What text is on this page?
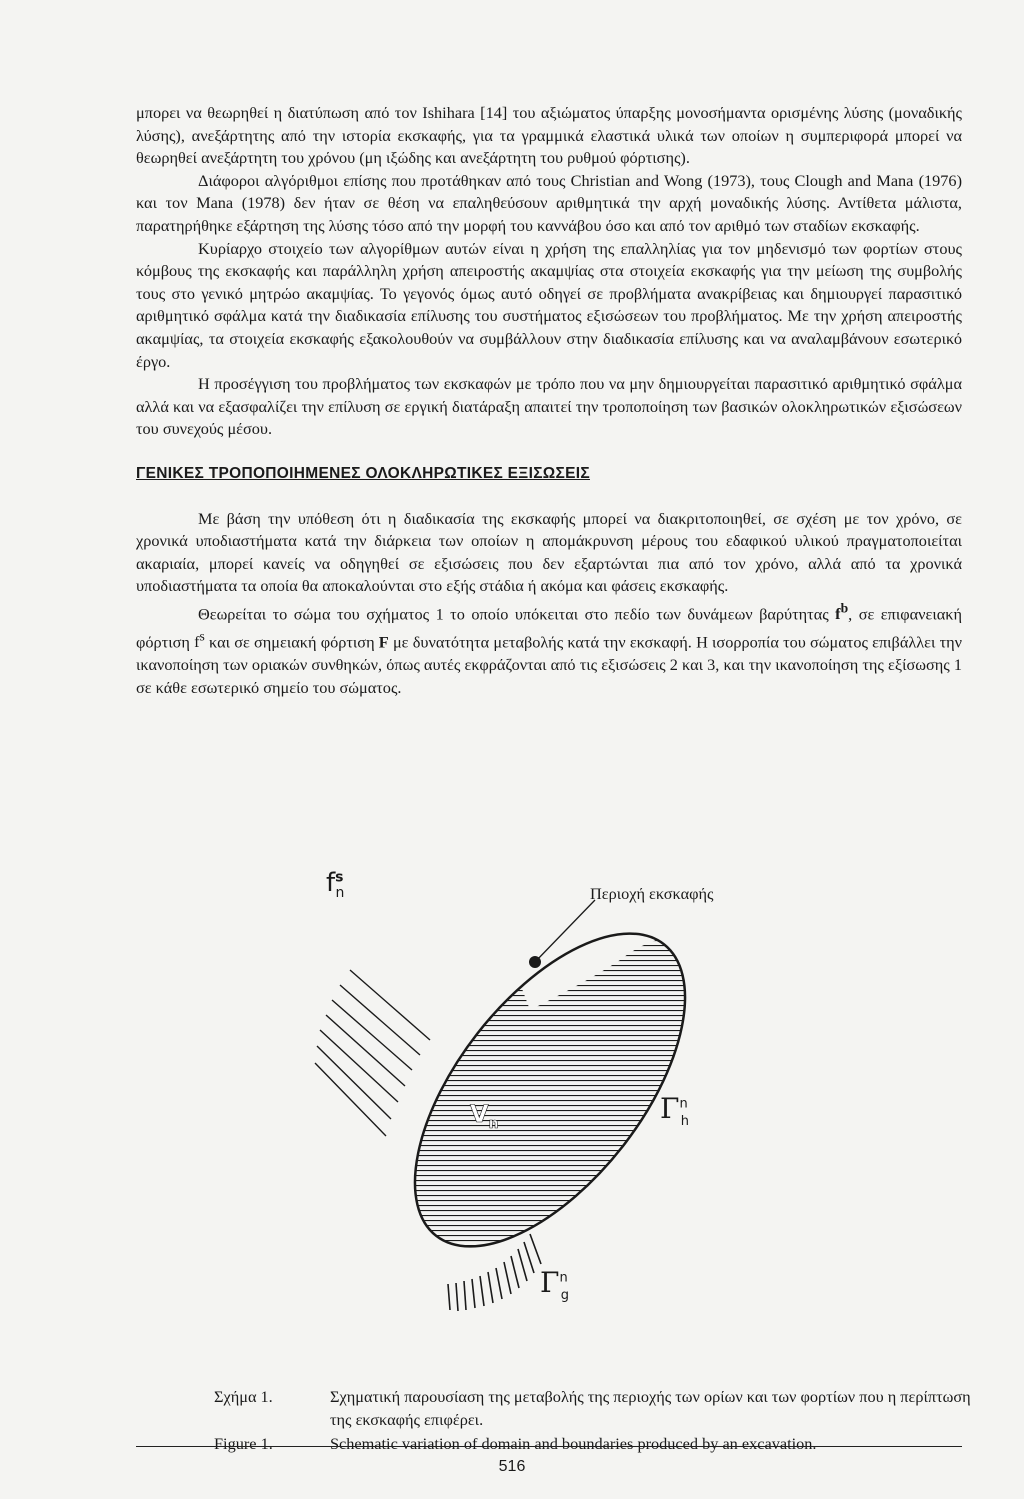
μπορει να θεωρηθεί η διατύπωση από τον Ishihara [14] του αξιώματος ύπαρξης μονοσήμαντα ορισμένης λύσης (μοναδικής λύσης), ανεξάρτητης από την ιστορία εκσκαφής, για τα γραμμικά ελαστικά υλικά των οποίων η συμπεριφορά μπορεί να θεωρηθεί ανεξάρτητη του χρόνου (μη ιξώδης και ανεξάρτητη του ρυθμού φόρτισης).

Διάφοροι αλγόριθμοι επίσης που προτάθηκαν από τους Christian and Wong (1973), τους Clough and Mana (1976) και τον Mana (1978) δεν ήταν σε θέση να επαληθεύσουν αριθμητικά την αρχή μοναδικής λύσης. Αντίθετα μάλιστα, παρατηρήθηκε εξάρτηση της λύσης τόσο από την μορφή του καννάβου όσο και από τον αριθμό των σταδίων εκσκαφής.

Κυρίαρχο στοιχείο των αλγορίθμων αυτών είναι η χρήση της επαλληλίας για τον μηδενισμό των φορτίων στους κόμβους της εκσκαφής και παράλληλη χρήση απειροστής ακαμψίας στα στοιχεία εκσκαφής για την μείωση της συμβολής τους στο γενικό μητρώο ακαμψίας. Το γεγονός όμως αυτό οδηγεί σε προβλήματα ανακρίβειας και δημιουργεί παρασιτικό αριθμητικό σφάλμα κατά την διαδικασία επίλυσης του συστήματος εξισώσεων του προβλήματος. Με την χρήση απειροστής ακαμψίας, τα στοιχεία εκσκαφής εξακολουθούν να συμβάλλουν στην διαδικασία επίλυσης και να αναλαμβάνουν εσωτερικό έργο.

Η προσέγγιση του προβλήματος των εκσκαφών με τρόπο που να μην δημιουργείται παρασιτικό αριθμητικό σφάλμα αλλά και να εξασφαλίζει την επίλυση σε εργική διατάραξη απαιτεί την τροποποίηση των βασικών ολοκληρωτικών εξισώσεων του συνεχούς μέσου.

ΓΕΝΙΚΕΣ ΤΡΟΠΟΠΟΙΗΜΕΝΕΣ ΟΛΟΚΛΗΡΩΤΙΚΕΣ ΕΞΙΣΩΣΕΙΣ

Με βάση την υπόθεση ότι η διαδικασία της εκσκαφής μπορεί να διακριτοποιηθεί, σε σχέση με τον χρόνο, σε χρονικά υποδιαστήματα κατά την διάρκεια των οποίων η απομάκρυνση μέρους του εδαφικού υλικού πραγματοποιείται ακαριαία, μπορεί κανείς να οδηγηθεί σε εξισώσεις που δεν εξαρτώνται πια από τον χρόνο, αλλά από τα χρονικά υποδιαστήματα τα οποία θα αποκαλούνται στο εξής στάδια ή ακόμα και φάσεις εκσκαφής.

Θεωρείται το σώμα του σχήματος 1 το οποίο υπόκειται στο πεδίο των δυνάμεων βαρύτητας $f^b$, σε επιφανειακή φόρτιση $f^s$ και σε σημειακή φόρτιση F με δυνατότητα μεταβολής κατά την εκσκαφή. Η ισορροπία του σώματος επιβάλλει την ικανοποίηση των οριακών συνθηκών, όπως αυτές εκφράζονται από τις εξισώσεις 2 και 3, και την ικανοποίηση της εξίσωσης 1 σε κάθε εσωτερικό σημείο του σώματος.

Περιοχή εκσκαφής
$f^s_n$
$V_n$	$\Gamma^n_h$
$\Gamma^n_g$
Σχήμα 1.	Σχηματική παρουσίαση της μεταβολής της περιοχής των ορίων και των φορτίων που η περίπτωση της εκσκαφής επιφέρει.
Figure 1.	Schematic variation of domain and boundaries produced by an excavation.
516
